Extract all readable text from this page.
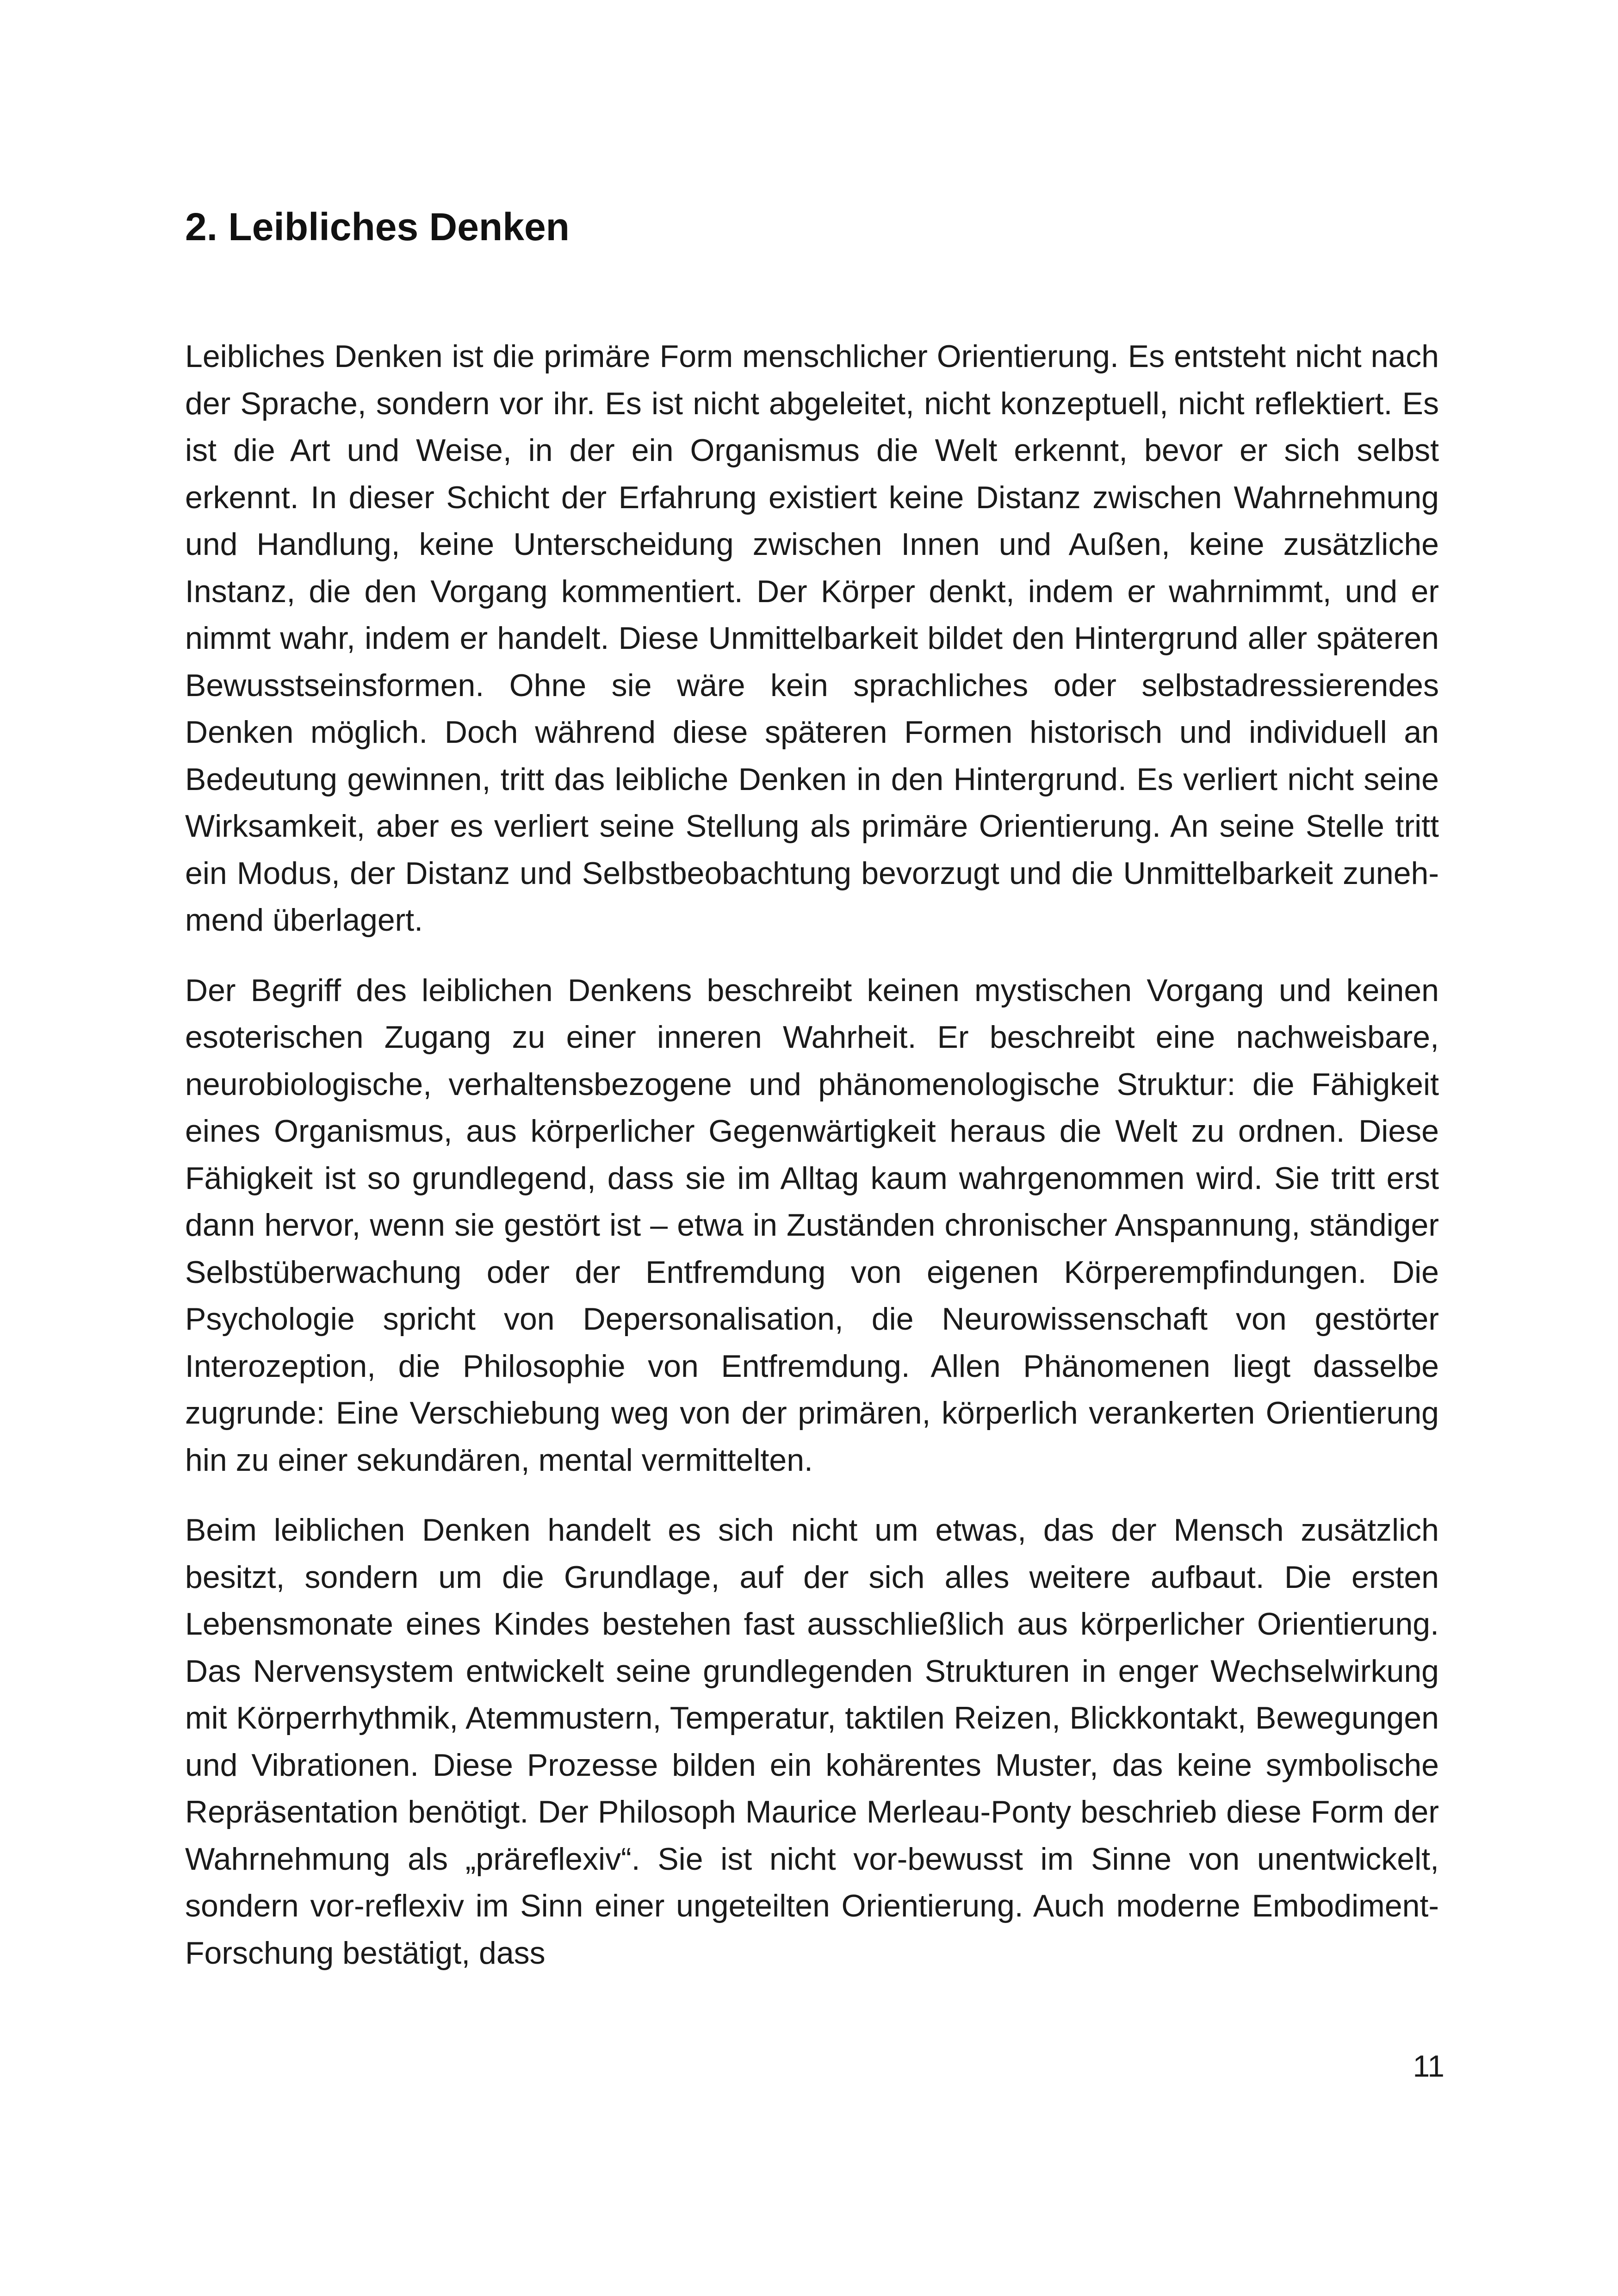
2. Leibliches Denken

Leibliches Denken ist die primäre Form menschlicher Orientierung. Es entsteht nicht nach der Sprache, sondern vor ihr. Es ist nicht abgeleitet, nicht konzeptuell, nicht reflektiert. Es ist die Art und Weise, in der ein Organismus die Welt erkennt, bevor er sich selbst erkennt. In dieser Schicht der Erfahrung existiert keine Distanz zwischen Wahrnehmung und Handlung, keine Unterscheidung zwischen Innen und Außen, keine zusätzliche Instanz, die den Vorgang kommentiert. Der Körper denkt, indem er wahrnimmt, und er nimmt wahr, indem er handelt. Diese Unmittelbarkeit bildet den Hintergrund aller späteren Bewusstseinsformen. Ohne sie wäre kein sprachliches oder selbstadressierendes Denken möglich. Doch während diese späteren Formen historisch und individuell an Bedeutung gewinnen, tritt das leibliche Denken in den Hintergrund. Es verliert nicht seine Wirksamkeit, aber es verliert seine Stellung als primäre Orientierung. An seine Stelle tritt ein Modus, der Distanz und Selbstbeobachtung bevorzugt und die Unmittelbarkeit zunehmend überlagert.

Der Begriff des leiblichen Denkens beschreibt keinen mystischen Vorgang und keinen esoterischen Zugang zu einer inneren Wahrheit. Er beschreibt eine nachweisbare, neurobiologische, verhaltensbezogene und phänomenologische Struktur: die Fähigkeit eines Organismus, aus körperlicher Gegenwärtigkeit heraus die Welt zu ordnen. Diese Fähigkeit ist so grundlegend, dass sie im Alltag kaum wahrgenommen wird. Sie tritt erst dann hervor, wenn sie gestört ist – etwa in Zuständen chronischer Anspannung, ständiger Selbstüberwachung oder der Entfremdung von eigenen Körperempfindungen. Die Psychologie spricht von Depersonalisation, die Neurowissenschaft von gestörter Interozeption, die Philosophie von Entfremdung. Allen Phänomenen liegt dasselbe zugrunde: Eine Verschiebung weg von der primären, körperlich verankerten Orientierung hin zu einer sekundären, mental vermittelten.

Beim leiblichen Denken handelt es sich nicht um etwas, das der Mensch zusätzlich besitzt, sondern um die Grundlage, auf der sich alles weitere aufbaut. Die ersten Lebensmonate eines Kindes bestehen fast ausschließlich aus körperlicher Orientierung. Das Nervensystem entwickelt seine grundlegenden Strukturen in enger Wechselwirkung mit Körperrhythmik, Atemmustern, Temperatur, taktilen Reizen, Blickkontakt, Bewegungen und Vibrationen. Diese Prozesse bilden ein kohärentes Muster, das keine symbolische Repräsentation benötigt. Der Philosoph Maurice Merleau-Ponty beschrieb diese Form der Wahrnehmung als „präreflexiv“. Sie ist nicht vor-bewusst im Sinne von unentwickelt, sondern vor-reflexiv im Sinn einer ungeteilten Orientierung. Auch moderne Embodiment-Forschung bestätigt, dass

11
